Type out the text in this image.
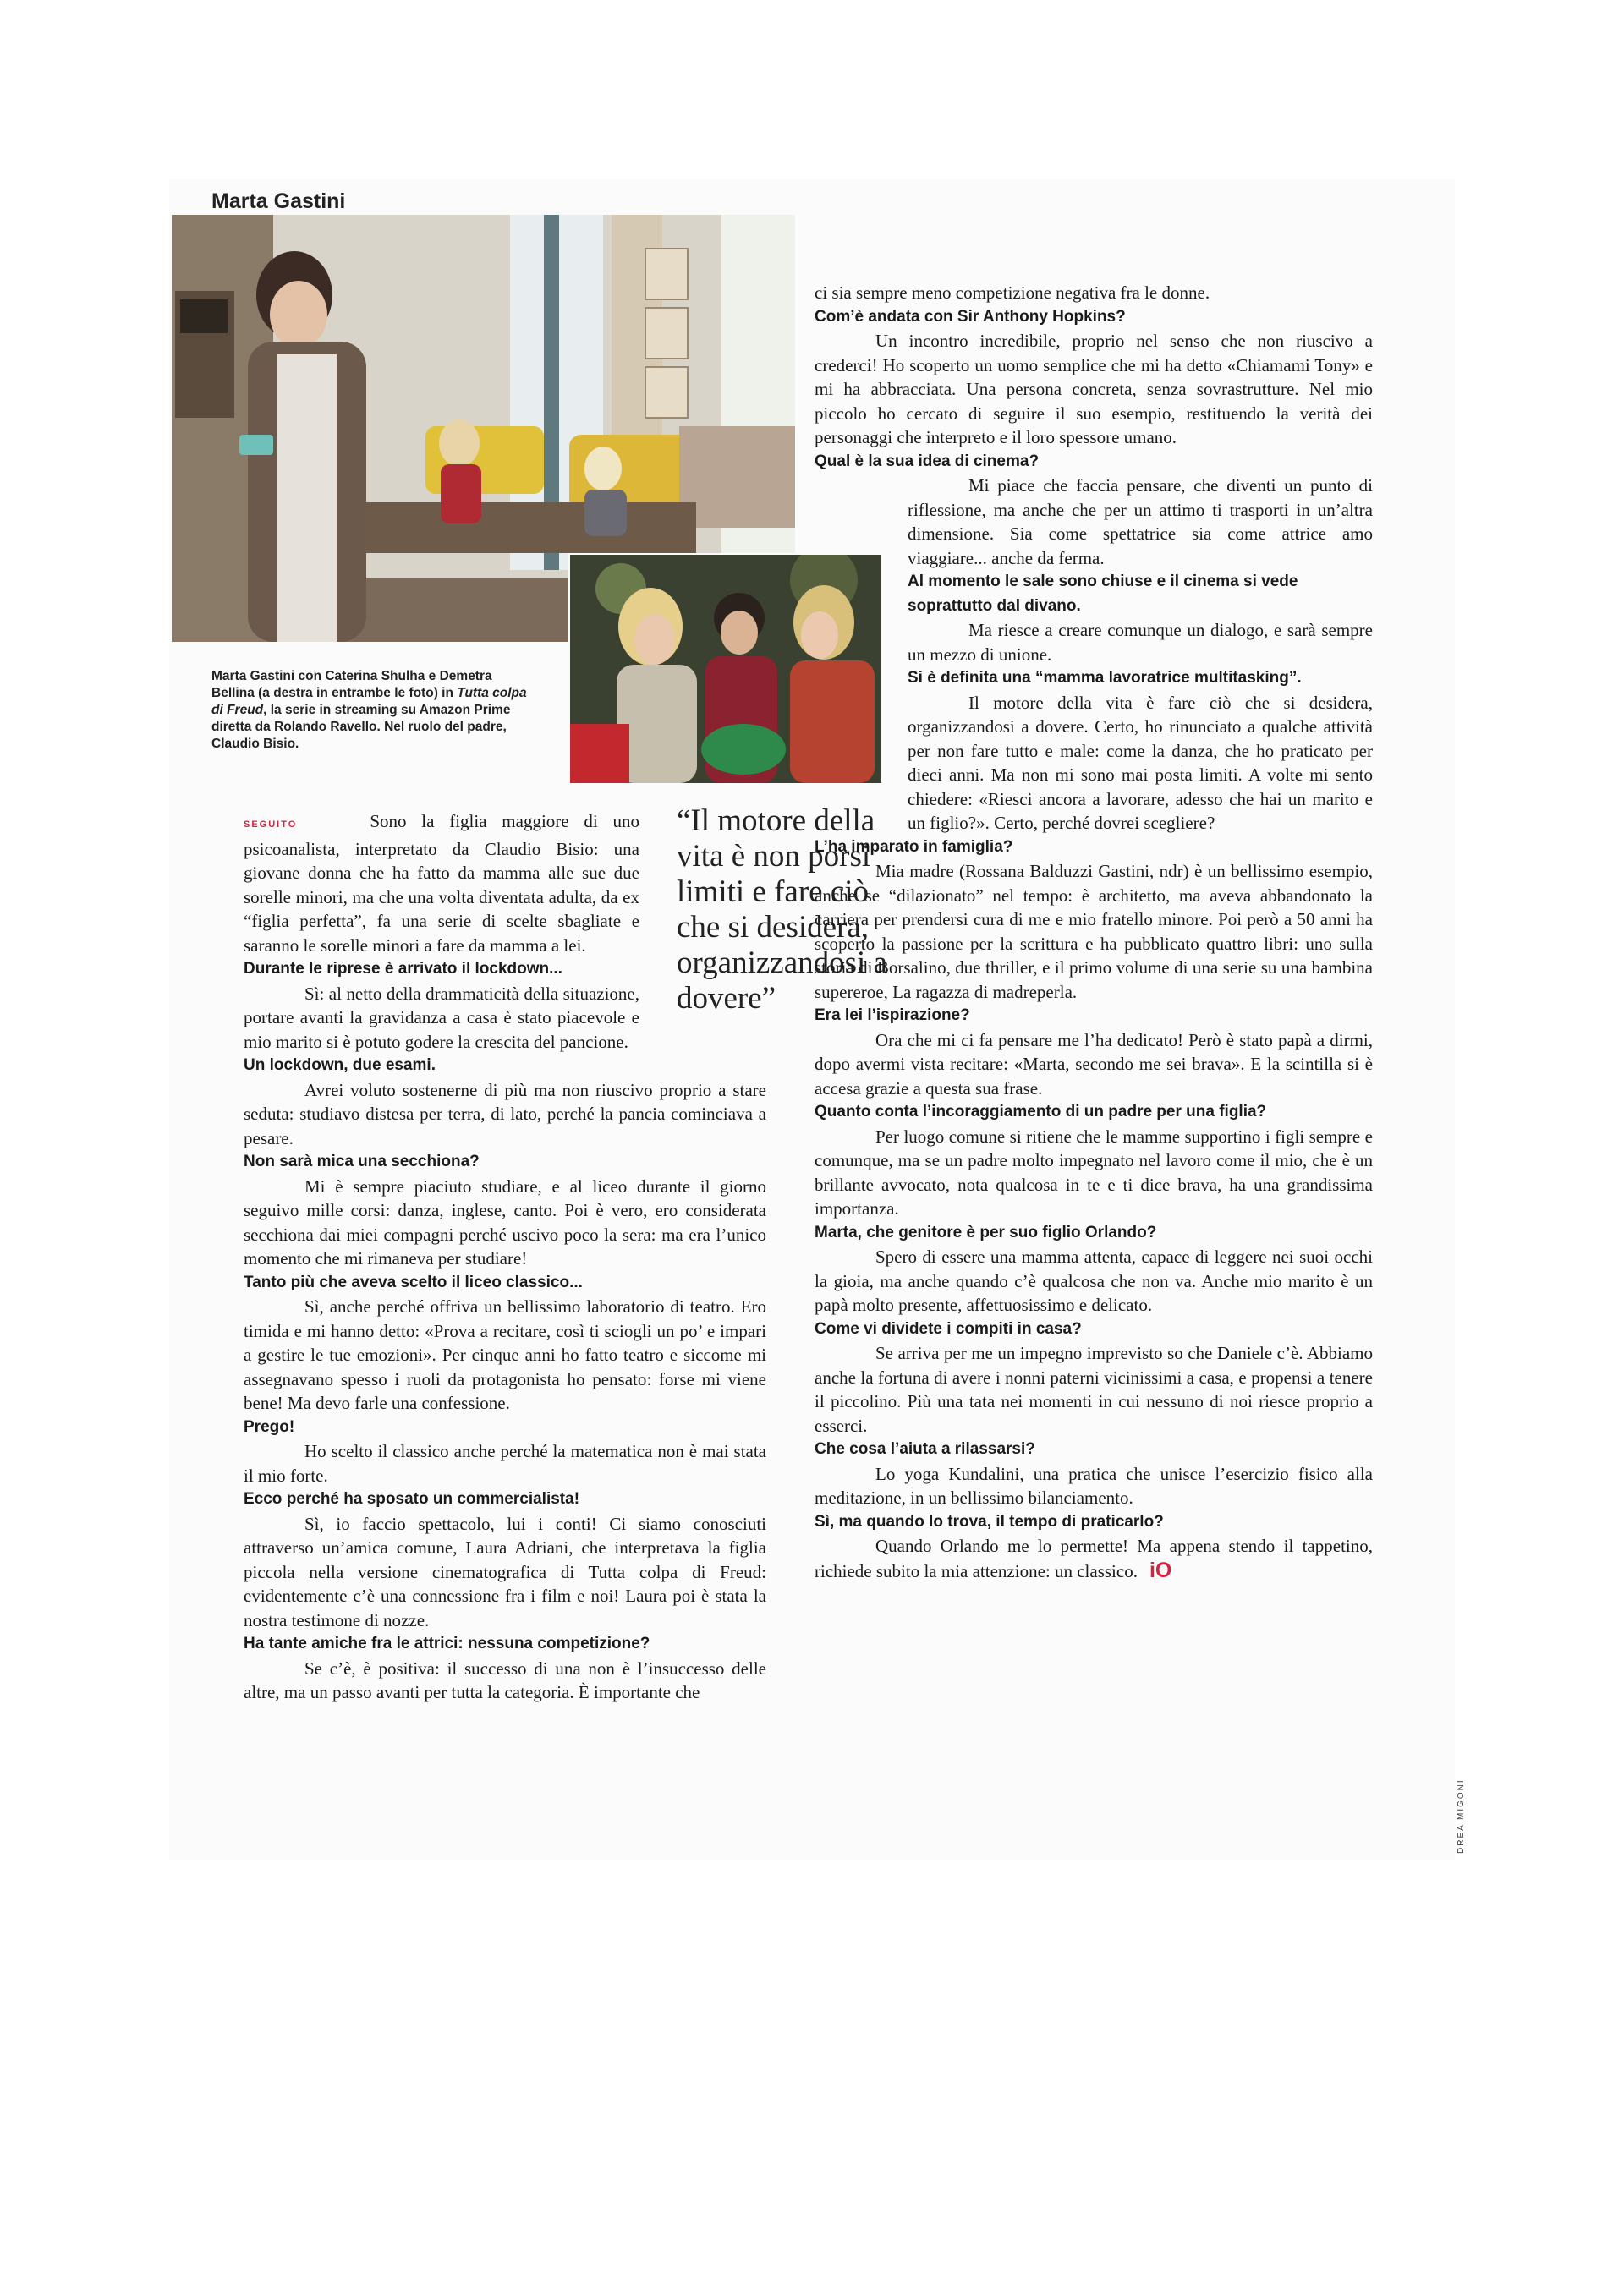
Marta Gastini
Marta Gastini con Caterina Shulha e Demetra Bellina (a destra in entrambe le foto) in Tutta colpa di Freud, la serie in streaming su Amazon Prime diretta da Rolando Ravello. Nel ruolo del padre, Claudio Bisio.
“Il motore della vita è non porsi limiti e fare ciò che si desidera, organizzandosi a dovere”

SEGUITO	Sono la figlia maggiore di uno psicoanalista, interpretato da Claudio Bisio: una giovane donna che ha fatto da mamma alle sue due sorelle minori, ma che una volta diventata adulta, da ex “figlia perfetta”, fa una serie di scelte sbagliate e saranno le sorelle minori a fare da mamma a lei.

Durante le riprese è arrivato il lockdown...

Sì: al netto della drammaticità della situazione, portare avanti la gravidanza a casa è stato piacevole e mio marito si è potuto godere la crescita del pancione.

Un lockdown, due esami.

Avrei voluto sostenerne di più ma non riuscivo proprio a stare seduta: studiavo distesa per terra, di lato, perché la pancia cominciava a pesare.

Non sarà mica una secchiona?

Mi è sempre piaciuto studiare, e al liceo durante il giorno seguivo mille corsi: danza, inglese, canto. Poi è vero, ero considerata secchiona dai miei compagni perché uscivo poco la sera: ma era l’unico momento che mi rimaneva per studiare!

Tanto più che aveva scelto il liceo classico...

Sì, anche perché offriva un bellissimo laboratorio di teatro. Ero timida e mi hanno detto: «Prova a recitare, così ti sciogli un po’ e impari a gestire le tue emozioni». Per cinque anni ho fatto teatro e siccome mi assegnavano spesso i ruoli da protagonista ho pensato: forse mi viene bene! Ma devo farle una confessione.

Prego!

Ho scelto il classico anche perché la matematica non è mai stata il mio forte.

Ecco perché ha sposato un commercialista!

Sì, io faccio spettacolo, lui i conti! Ci siamo conosciuti attraverso un’amica comune, Laura Adriani, che interpretava la figlia piccola nella versione cinematografica di Tutta colpa di Freud: evidentemente c’è una connessione fra i film e noi! Laura poi è stata la nostra testimone di nozze.

Ha tante amiche fra le attrici: nessuna competizione?

Se c’è, è positiva: il successo di una non è l’insuccesso delle altre, ma un passo avanti per tutta la categoria. È importante che

ci sia sempre meno competizione negativa fra le donne.

Com’è andata con Sir Anthony Hopkins?

Un incontro incredibile, proprio nel senso che non riuscivo a crederci! Ho scoperto un uomo semplice che mi ha detto «Chiamami Tony» e mi ha abbracciata. Una persona concreta, senza sovrastrutture. Nel mio piccolo ho cercato di seguire il suo esempio, restituendo la verità dei personaggi che interpreto e il loro spessore umano.

Qual è la sua idea di cinema?

Mi piace che faccia pensare, che diventi un punto di riflessione, ma anche che per un attimo ti trasporti in un’altra dimensione. Sia come spettatrice sia come attrice amo viaggiare... anche da ferma.

Al momento le sale sono chiuse e il cinema si vede soprattutto dal divano.

Ma riesce a creare comunque un dialogo, e sarà sempre un mezzo di unione.

Si è definita una “mamma lavoratrice multitasking”.

Il motore della vita è fare ciò che si desidera, organizzandosi a dovere. Certo, ho rinunciato a qualche attività per non fare tutto e male: come la danza, che ho praticato per dieci anni. Ma non mi sono mai posta limiti. A volte mi sento chiedere: «Riesci ancora a lavorare, adesso che hai un marito e un figlio?». Certo, perché dovrei scegliere?

L’ha imparato in famiglia?

Mia madre (Rossana Balduzzi Gastini, ndr) è un bellissimo esempio, anche se “dilazionato” nel tempo: è architetto, ma aveva abbandonato la carriera per prendersi cura di me e mio fratello minore. Poi però a 50 anni ha scoperto la passione per la scrittura e ha pubblicato quattro libri: uno sulla storia di Borsalino, due thriller, e il primo volume di una serie su una bambina supereroe, La ragazza di madreperla.

Era lei l’ispirazione?

Ora che mi ci fa pensare me l’ha dedicato! Però è stato papà a dirmi, dopo avermi vista recitare: «Marta, secondo me sei brava». E la scintilla si è accesa grazie a questa sua frase.

Quanto conta l’incoraggiamento di un padre per una figlia?

Per luogo comune si ritiene che le mamme supportino i figli sempre e comunque, ma se un padre molto impegnato nel lavoro come il mio, che è un brillante avvocato, nota qualcosa in te e ti dice brava, ha una grandissima importanza.

Marta, che genitore è per suo figlio Orlando?

Spero di essere una mamma attenta, capace di leggere nei suoi occhi la gioia, ma anche quando c’è qualcosa che non va. Anche mio marito è un papà molto presente, affettuosissimo e delicato.

Come vi dividete i compiti in casa?

Se arriva per me un impegno imprevisto so che Daniele c’è. Abbiamo anche la fortuna di avere i nonni paterni vicinissimi a casa, e propensi a tenere il piccolino. Più una tata nei momenti in cui nessuno di noi riesce proprio a esserci.

Che cosa l’aiuta a rilassarsi?

Lo yoga Kundalini, una pratica che unisce l’esercizio fisico alla meditazione, in un bellissimo bilanciamento.

Sì, ma quando lo trova, il tempo di praticarlo?

Quando Orlando me lo permette! Ma appena stendo il tappetino, richiede subito la mia attenzione: un classico. iO

DREA MIGONI
